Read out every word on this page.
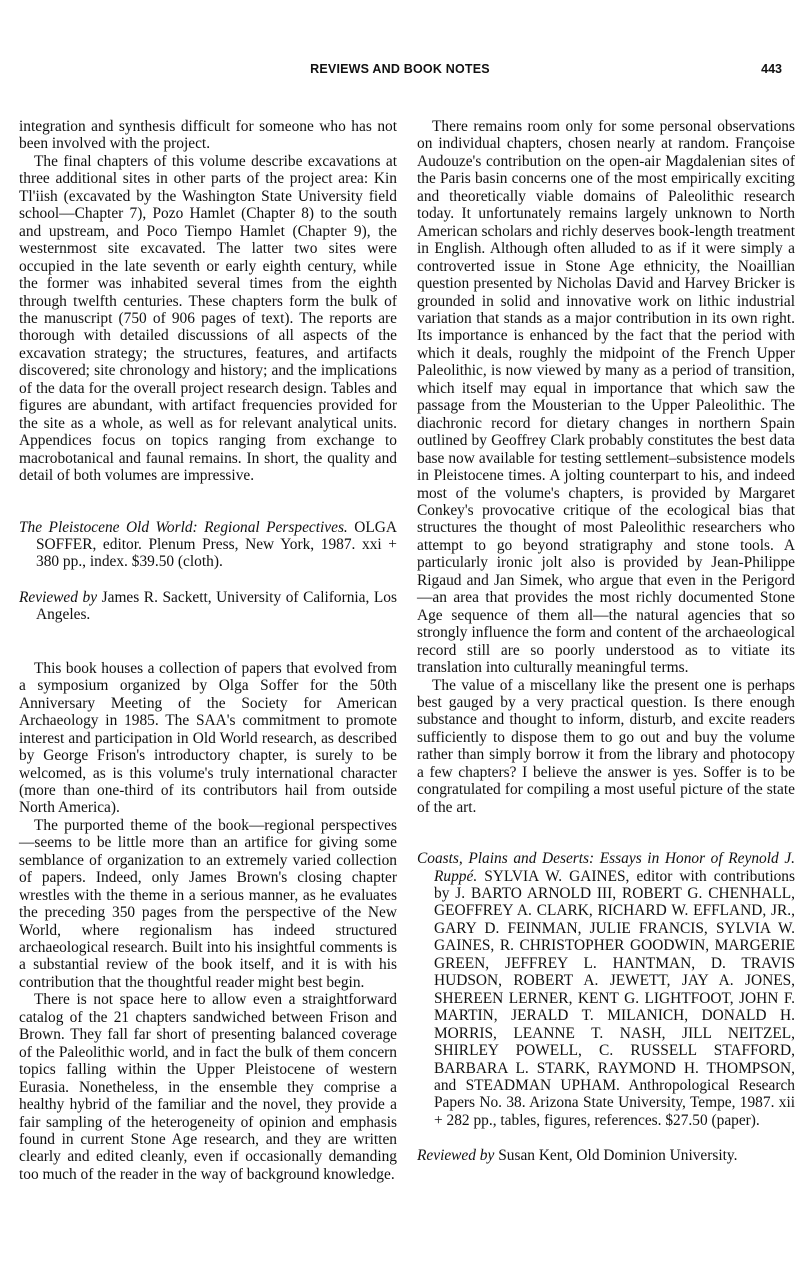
REVIEWS AND BOOK NOTES	443

integration and synthesis difficult for someone who has not been involved with the project.

The final chapters of this volume describe excavations at three additional sites in other parts of the project area: Kin Tl'iish (excavated by the Washington State University field school—Chapter 7), Pozo Hamlet (Chapter 8) to the south and upstream, and Poco Tiempo Hamlet (Chapter 9), the westernmost site excavated. The latter two sites were occupied in the late seventh or early eighth century, while the former was inhabited several times from the eighth through twelfth centuries. These chapters form the bulk of the manuscript (750 of 906 pages of text). The reports are thorough with detailed discussions of all aspects of the excavation strategy; the structures, features, and artifacts discovered; site chronology and history; and the implications of the data for the overall project research design. Tables and figures are abundant, with artifact frequencies provided for the site as a whole, as well as for relevant analytical units. Appendices focus on topics ranging from exchange to macrobotanical and faunal remains. In short, the quality and detail of both volumes are impressive.

The Pleistocene Old World: Regional Perspectives. OLGA SOFFER, editor. Plenum Press, New York, 1987. xxi + 380 pp., index. $39.50 (cloth).

Reviewed by James R. Sackett, University of California, Los Angeles.

This book houses a collection of papers that evolved from a symposium organized by Olga Soffer for the 50th Anniversary Meeting of the Society for American Archaeology in 1985. The SAA's commitment to promote interest and participation in Old World research, as described by George Frison's introductory chapter, is surely to be welcomed, as is this volume's truly international character (more than one-third of its contributors hail from outside North America).

The purported theme of the book—regional perspectives—seems to be little more than an artifice for giving some semblance of organization to an extremely varied collection of papers. Indeed, only James Brown's closing chapter wrestles with the theme in a serious manner, as he evaluates the preceding 350 pages from the perspective of the New World, where regionalism has indeed structured archaeological research. Built into his insightful comments is a substantial review of the book itself, and it is with his contribution that the thoughtful reader might best begin.

There is not space here to allow even a straightforward catalog of the 21 chapters sandwiched between Frison and Brown. They fall far short of presenting balanced coverage of the Paleolithic world, and in fact the bulk of them concern topics falling within the Upper Pleistocene of western Eurasia. Nonetheless, in the ensemble they comprise a healthy hybrid of the familiar and the novel, they provide a fair sampling of the heterogeneity of opinion and emphasis found in current Stone Age research, and they are written clearly and edited cleanly, even if occasionally demanding too much of the reader in the way of background knowledge.

There remains room only for some personal observations on individual chapters, chosen nearly at random. Françoise Audouze's contribution on the open-air Magdalenian sites of the Paris basin concerns one of the most empirically exciting and theoretically viable domains of Paleolithic research today. It unfortunately remains largely unknown to North American scholars and richly deserves book-length treatment in English. Although often alluded to as if it were simply a controverted issue in Stone Age ethnicity, the Noaillian question presented by Nicholas David and Harvey Bricker is grounded in solid and innovative work on lithic industrial variation that stands as a major contribution in its own right. Its importance is enhanced by the fact that the period with which it deals, roughly the midpoint of the French Upper Paleolithic, is now viewed by many as a period of transition, which itself may equal in importance that which saw the passage from the Mousterian to the Upper Paleolithic. The diachronic record for dietary changes in northern Spain outlined by Geoffrey Clark probably constitutes the best data base now available for testing settlement–subsistence models in Pleistocene times. A jolting counterpart to his, and indeed most of the volume's chapters, is provided by Margaret Conkey's provocative critique of the ecological bias that structures the thought of most Paleolithic researchers who attempt to go beyond stratigraphy and stone tools. A particularly ironic jolt also is provided by Jean-Philippe Rigaud and Jan Simek, who argue that even in the Perigord—an area that provides the most richly documented Stone Age sequence of them all—the natural agencies that so strongly influence the form and content of the archaeological record still are so poorly understood as to vitiate its translation into culturally meaningful terms.

The value of a miscellany like the present one is perhaps best gauged by a very practical question. Is there enough substance and thought to inform, disturb, and excite readers sufficiently to dispose them to go out and buy the volume rather than simply borrow it from the library and photocopy a few chapters? I believe the answer is yes. Soffer is to be congratulated for compiling a most useful picture of the state of the art.

Coasts, Plains and Deserts: Essays in Honor of Reynold J. Ruppé. SYLVIA W. GAINES, editor with contributions by J. BARTO ARNOLD III, ROBERT G. CHENHALL, GEOFFREY A. CLARK, RICHARD W. EFFLAND, JR., GARY D. FEINMAN, JULIE FRANCIS, SYLVIA W. GAINES, R. CHRISTOPHER GOODWIN, MARGERIE GREEN, JEFFREY L. HANTMAN, D. TRAVIS HUDSON, ROBERT A. JEWETT, JAY A. JONES, SHEREEN LERNER, KENT G. LIGHTFOOT, JOHN F. MARTIN, JERALD T. MILANICH, DONALD H. MORRIS, LEANNE T. NASH, JILL NEITZEL, SHIRLEY POWELL, C. RUSSELL STAFFORD, BARBARA L. STARK, RAYMOND H. THOMPSON, and STEADMAN UPHAM. Anthropological Research Papers No. 38. Arizona State University, Tempe, 1987. xii + 282 pp., tables, figures, references. $27.50 (paper).

Reviewed by Susan Kent, Old Dominion University.
